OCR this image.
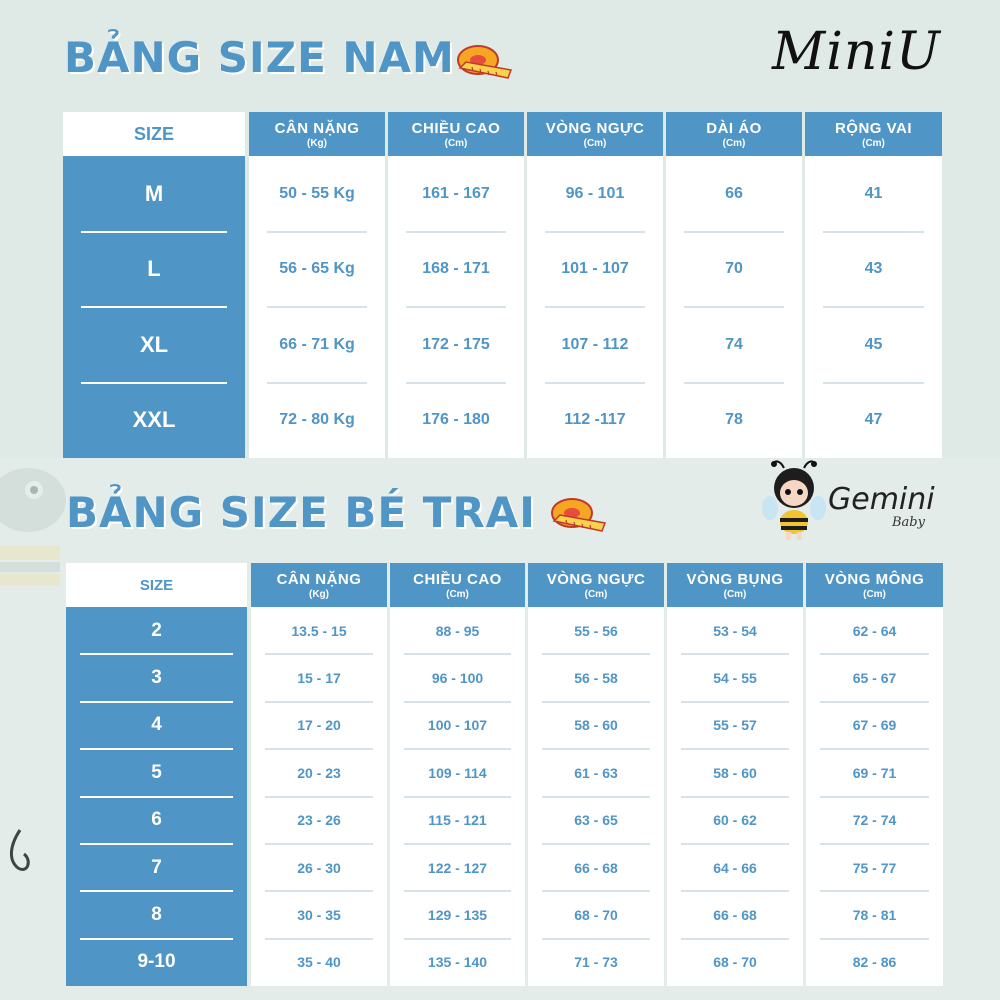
BẢNG SIZE NAM	MiniU
SIZE
M
L
XL
XXL
CÂN NẶNG
(Kg)
50 - 55 Kg
56 - 65 Kg
66 - 71 Kg
72 - 80 Kg
CHIỀU CAO
(Cm)
161 - 167
168 - 171
172 - 175
176 - 180
VÒNG NGỰC
(Cm)
96 - 101
101 - 107
107 - 112
112 -117
DÀI ÁO
(Cm)
66
70
74
78
RỘNG VAI
(Cm)
41
43
45
47
BẢNG SIZE BÉ TRAI	Gemini
Baby
SIZE
2
3
4
5
6
7
8
9-10
CÂN NẶNG
(Kg)
13.5 - 15
15 - 17
17 - 20
20 - 23
23 - 26
26 - 30
30 - 35
35 - 40
CHIỀU CAO
(Cm)
88 - 95
96 - 100
100 - 107
109 - 114
115 - 121
122 - 127
129 - 135
135 - 140
VÒNG NGỰC
(Cm)
55 - 56
56 - 58
58 - 60
61 - 63
63 - 65
66 - 68
68 - 70
71 - 73
VÒNG BỤNG
(Cm)
53 - 54
54 - 55
55 - 57
58 - 60
60 - 62
64 - 66
66 - 68
68 - 70
VÒNG MÔNG
(Cm)
62 - 64
65 - 67
67 - 69
69 - 71
72 - 74
75 - 77
78 - 81
82 - 86
